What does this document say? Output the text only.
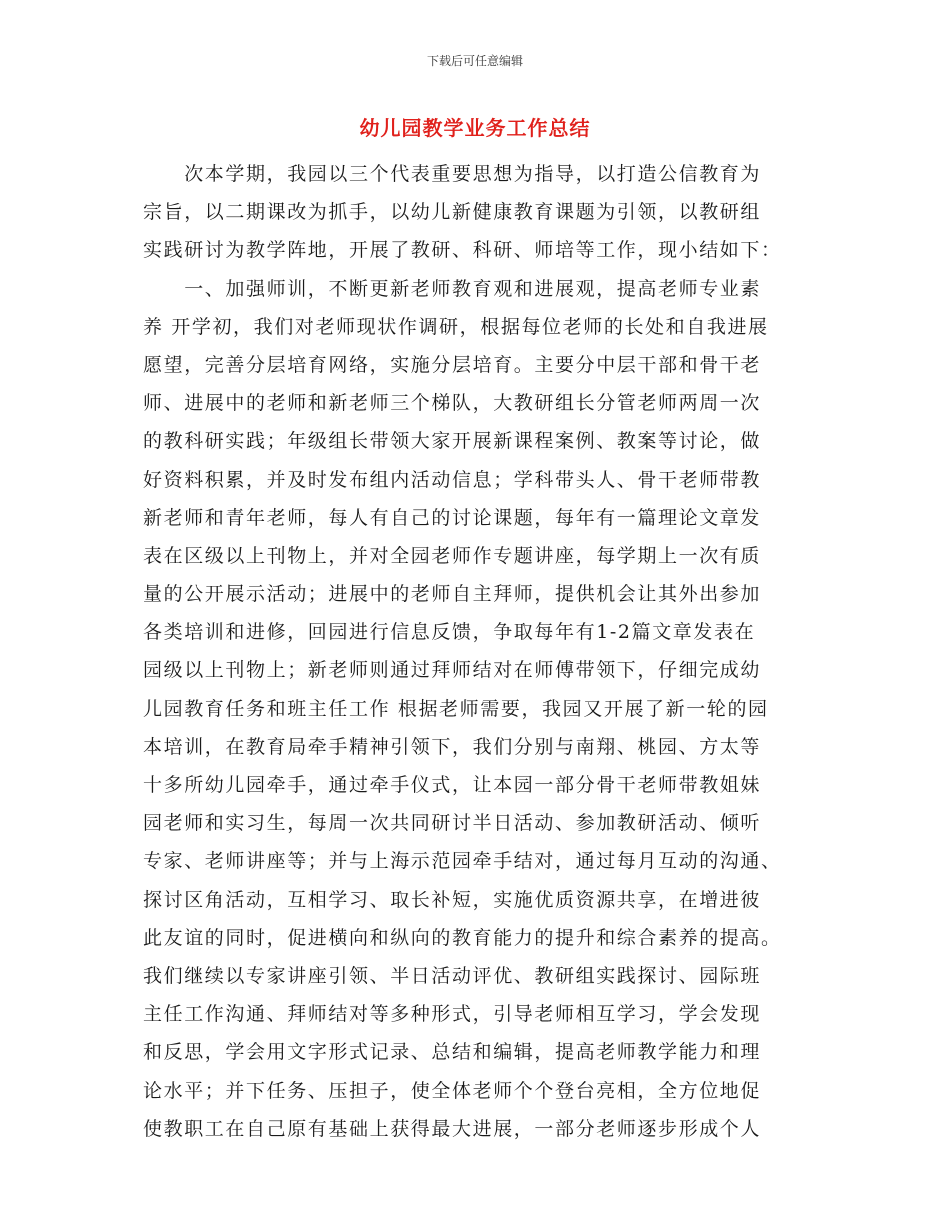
下载后可任意编辑
幼儿园教学业务工作总结
　　次本学期，我园以三个代表重要思想为指导，以打造公信教育为
宗旨，以二期课改为抓手，以幼儿新健康教育课题为引领，以教研组
实践研讨为教学阵地，开展了教研、科研、师培等工作，现小结如下：
　　一、加强师训，不断更新老师教育观和进展观，提高老师专业素
养 开学初，我们对老师现状作调研，根据每位老师的长处和自我进展
愿望，完善分层培育网络，实施分层培育。主要分中层干部和骨干老
师、进展中的老师和新老师三个梯队，大教研组长分管老师两周一次
的教科研实践；年级组长带领大家开展新课程案例、教案等讨论，做
好资料积累，并及时发布组内活动信息；学科带头人、骨干老师带教
新老师和青年老师，每人有自己的讨论课题，每年有一篇理论文章发
表在区级以上刊物上，并对全园老师作专题讲座，每学期上一次有质
量的公开展示活动；进展中的老师自主拜师，提供机会让其外出参加
各类培训和进修，回园进行信息反馈，争取每年有1-2篇文章发表在
园级以上刊物上；新老师则通过拜师结对在师傅带领下，仔细完成幼
儿园教育任务和班主任工作 根据老师需要，我园又开展了新一轮的园
本培训，在教育局牵手精神引领下，我们分别与南翔、桃园、方太等
十多所幼儿园牵手，通过牵手仪式，让本园一部分骨干老师带教姐妹
园老师和实习生，每周一次共同研讨半日活动、参加教研活动、倾听
专家、老师讲座等；并与上海示范园牵手结对，通过每月互动的沟通、
探讨区角活动，互相学习、取长补短，实施优质资源共享，在增进彼
此友谊的同时，促进横向和纵向的教育能力的提升和综合素养的提高。
我们继续以专家讲座引领、半日活动评优、教研组实践探讨、园际班
主任工作沟通、拜师结对等多种形式，引导老师相互学习，学会发现
和反思，学会用文字形式记录、总结和编辑，提高老师教学能力和理
论水平；并下任务、压担子，使全体老师个个登台亮相，全方位地促
使教职工在自己原有基础上获得最大进展，一部分老师逐步形成个人
